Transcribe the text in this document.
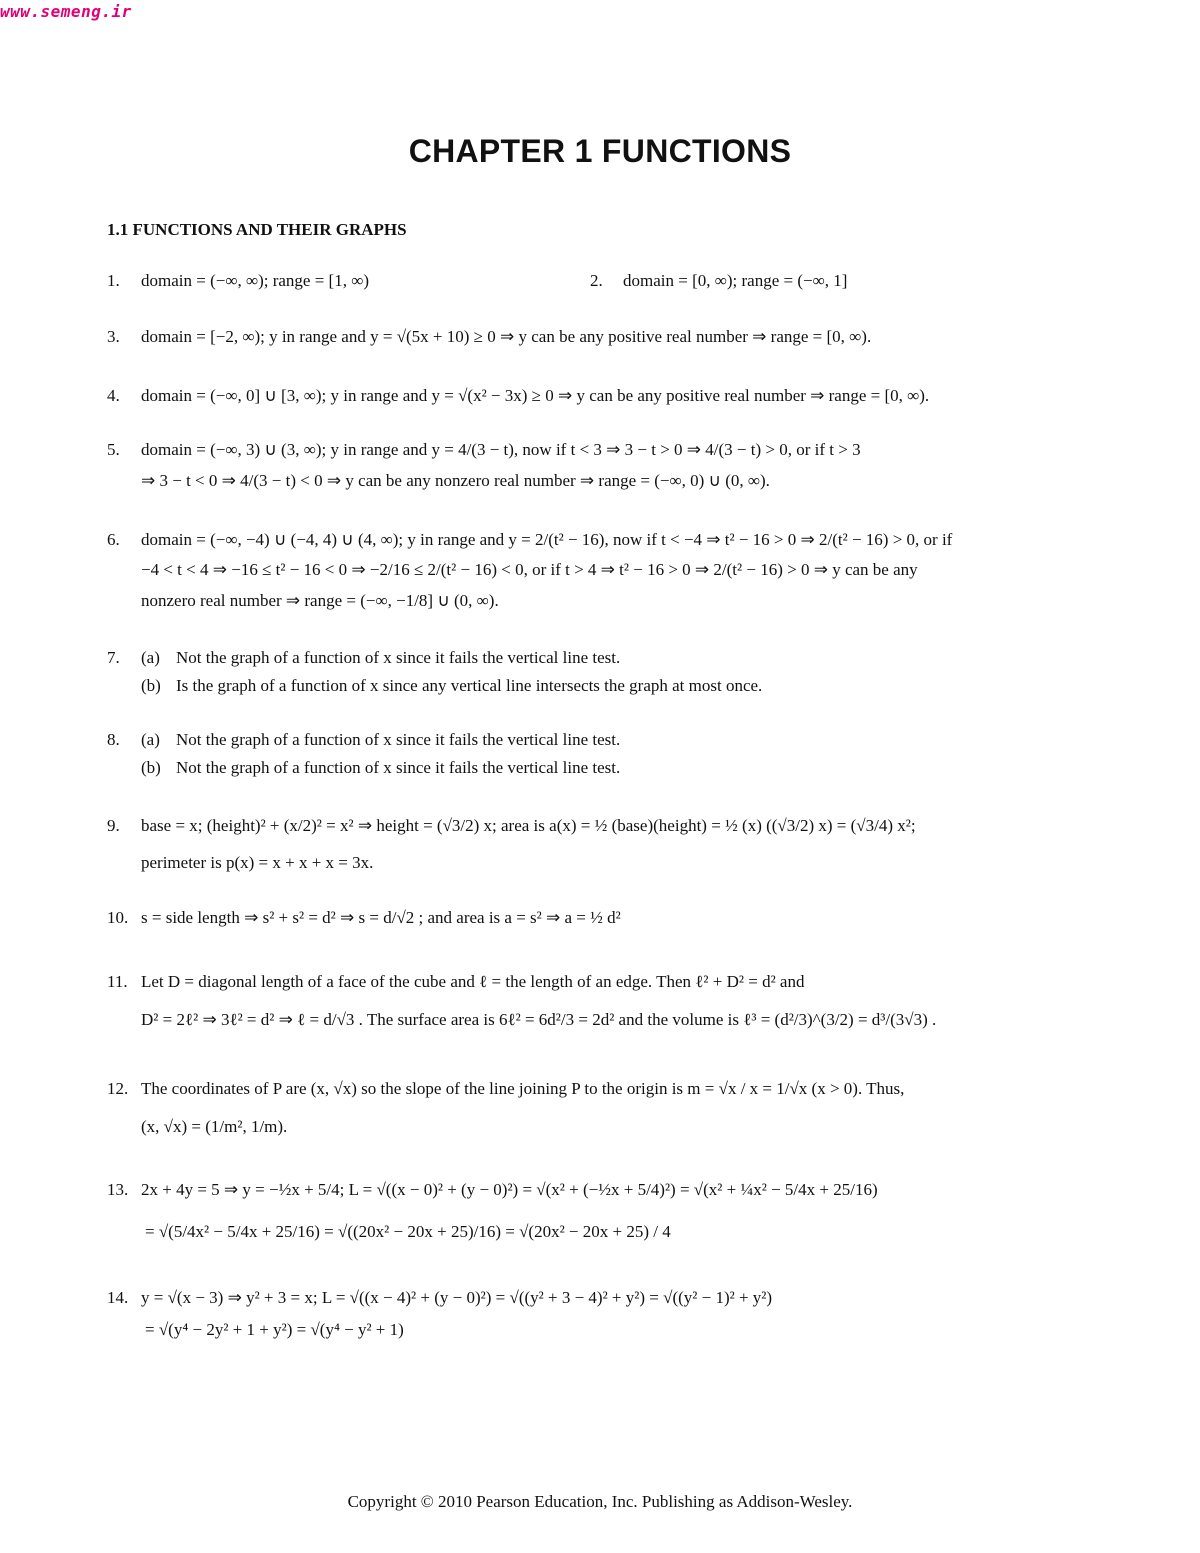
www.semeng.ir

CHAPTER 1 FUNCTIONS
1.1 FUNCTIONS AND THEIR GRAPHS
1. domain = (−∞, ∞); range = [1, ∞)	2. domain = [0, ∞); range = (−∞, 1]
3. domain = [−2, ∞); y in range and y = √(5x + 10) ≥ 0 ⇒ y can be any positive real number ⇒ range = [0, ∞).
4. domain = (−∞, 0] ∪ [3, ∞); y in range and y = √(x² − 3x) ≥ 0 ⇒ y can be any positive real number ⇒ range = [0, ∞).
5. domain = (−∞, 3) ∪ (3, ∞); y in range and y = 4/(3 − t), now if t < 3 ⇒ 3 − t > 0 ⇒ 4/(3 − t) > 0, or if t > 3
⇒ 3 − t < 0 ⇒ 4/(3 − t) < 0 ⇒ y can be any nonzero real number ⇒ range = (−∞, 0) ∪ (0, ∞).
6. domain = (−∞, −4) ∪ (−4, 4) ∪ (4, ∞); y in range and y = 2/(t² − 16), now if t < −4 ⇒ t² − 16 > 0 ⇒ 2/(t² − 16) > 0, or if
−4 < t < 4 ⇒ −16 ≤ t² − 16 < 0 ⇒ −2/16 ≤ 2/(t² − 16) < 0, or if t > 4 ⇒ t² − 16 > 0 ⇒ 2/(t² − 16) > 0 ⇒ y can be any
nonzero real number ⇒ range = (−∞, −1/8] ∪ (0, ∞).
7. (a) Not the graph of a function of x since it fails the vertical line test.
(b) Is the graph of a function of x since any vertical line intersects the graph at most once.
8. (a) Not the graph of a function of x since it fails the vertical line test.
(b) Not the graph of a function of x since it fails the vertical line test.
9. base = x; (height)² + (x/2)² = x² ⇒ height = (√3/2) x; area is a(x) = ½ (base)(height) = ½ (x) ((√3/2) x) = (√3/4) x²;
perimeter is p(x) = x + x + x = 3x.
10. s = side length ⇒ s² + s² = d² ⇒ s = d/√2 ; and area is a = s² ⇒ a = ½ d²
11. Let D = diagonal length of a face of the cube and ℓ = the length of an edge. Then ℓ² + D² = d² and
D² = 2ℓ² ⇒ 3ℓ² = d² ⇒ ℓ = d/√3 . The surface area is 6ℓ² = 6d²/3 = 2d² and the volume is ℓ³ = (d²/3)^(3/2) = d³/(3√3) .
12. The coordinates of P are (x, √x) so the slope of the line joining P to the origin is m = √x / x = 1/√x (x > 0). Thus,
(x, √x) = (1/m², 1/m).
13. 2x + 4y = 5 ⇒ y = −½x + 5/4; L = √((x − 0)² + (y − 0)²) = √(x² + (−½x + 5/4)²) = √(x² + ¼x² − 5/4x + 25/16)
= √(5/4x² − 5/4x + 25/16) = √((20x² − 20x + 25)/16) = √(20x² − 20x + 25) / 4
14. y = √(x − 3) ⇒ y² + 3 = x; L = √((x − 4)² + (y − 0)²) = √((y² + 3 − 4)² + y²) = √((y² − 1)² + y²)
= √(y⁴ − 2y² + 1 + y²) = √(y⁴ − y² + 1)

Copyright © 2010 Pearson Education, Inc. Publishing as Addison-Wesley.
